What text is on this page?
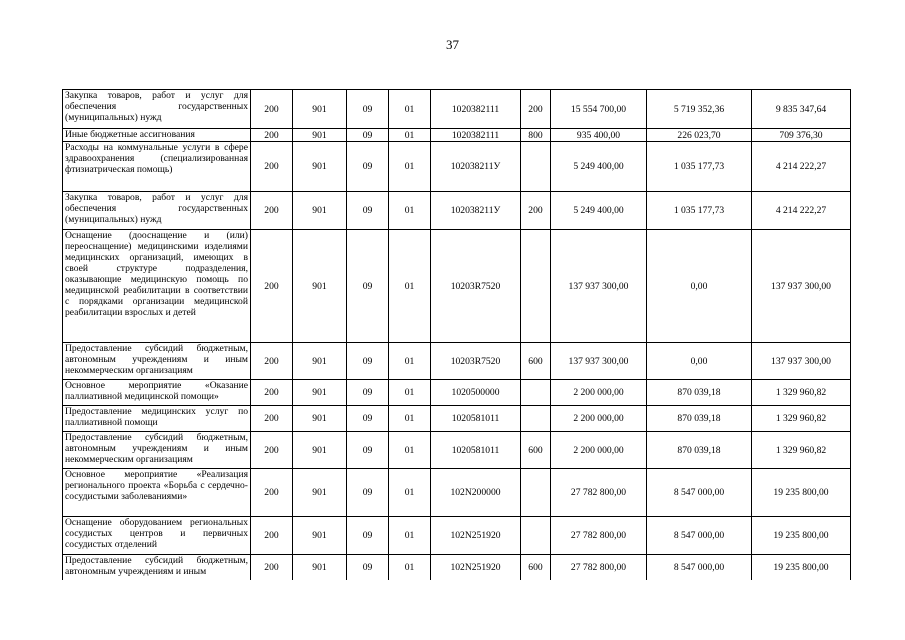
37
Закупка товаров, работ и услуг для обеспечения государственных (муниципальных) нужд	200	901	09	01	1020382111	200	15 554 700,00	5 719 352,36	9 835 347,64
Иные бюджетные ассигнования	200	901	09	01	1020382111	800	935 400,00	226 023,70	709 376,30
Расходы на коммунальные услуги в сфере здравоохранения (специализированная фтизиатрическая помощь)	200	901	09	01	102038211У		5 249 400,00	1 035 177,73	4 214 222,27
Закупка товаров, работ и услуг для обеспечения государственных (муниципальных) нужд	200	901	09	01	102038211У	200	5 249 400,00	1 035 177,73	4 214 222,27
Оснащение (дооснащение и (или) переоснащение) медицинскими изделиями медицинских организаций, имеющих в своей структуре подразделения, оказывающие медицинскую помощь по медицинской реабилитации в соответствии с порядками организации медицинской реабилитации взрослых и детей	200	901	09	01	10203R7520		137 937 300,00	0,00	137 937 300,00
Предоставление субсидий бюджетным, автономным учреждениям и иным некоммерческим организациям	200	901	09	01	10203R7520	600	137 937 300,00	0,00	137 937 300,00
Основное мероприятие «Оказание паллиативной медицинской помощи»	200	901	09	01	1020500000		2 200 000,00	870 039,18	1 329 960,82
Предоставление медицинских услуг по паллиативной помощи	200	901	09	01	1020581011		2 200 000,00	870 039,18	1 329 960,82
Предоставление субсидий бюджетным, автономным учреждениям и иным некоммерческим организациям	200	901	09	01	1020581011	600	2 200 000,00	870 039,18	1 329 960,82
Основное мероприятие «Реализация регионального проекта «Борьба с сердечно-сосудистыми заболеваниями»	200	901	09	01	102N200000		27 782 800,00	8 547 000,00	19 235 800,00
Оснащение оборудованием региональных сосудистых центров и первичных сосудистых отделений	200	901	09	01	102N251920		27 782 800,00	8 547 000,00	19 235 800,00
Предоставление субсидий бюджетным, автономным учреждениям и иным	200	901	09	01	102N251920	600	27 782 800,00	8 547 000,00	19 235 800,00
